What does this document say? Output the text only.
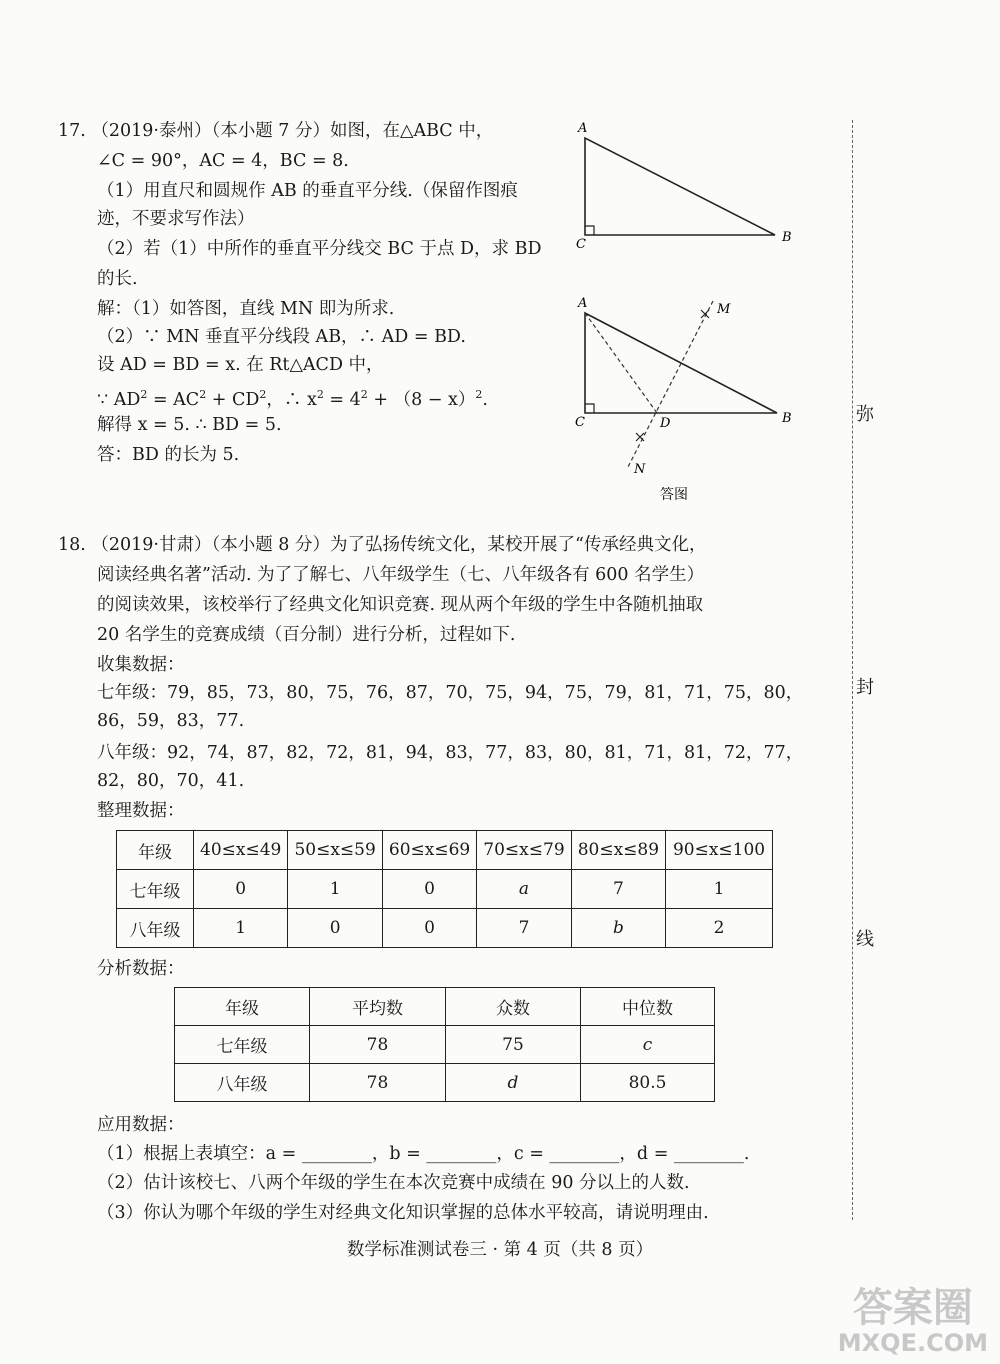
17. （2019·泰州）（本小题 7 分）如图，在△ABC 中，
∠C = 90°，AC = 4，BC = 8.
（1）用直尺和圆规作 AB 的垂直平分线.（保留作图痕
迹，不要求写作法）
（2）若（1）中所作的垂直平分线交 BC 于点 D，求 BD
的长.
解：（1）如答图，直线 MN 即为所求.
（2）∵ MN 垂直平分线段 AB，∴ AD = BD.
设 AD = BD = x. 在 Rt△ACD 中，
∵ $AD^2 = AC^2 + CD^2$，∴ $x^2 = 4^2 + (8 - x)^2$.
解得 x = 5. ∴ BD = 5.
答：BD 的长为 5.
A
C	B
A
C	B
D
M
N
答图
18. （2019·甘肃）（本小题 8 分）为了弘扬传统文化，某校开展了“传承经典文化，
阅读经典名著”活动. 为了了解七、八年级学生（七、八年级各有 600 名学生）
的阅读效果，该校举行了经典文化知识竞赛. 现从两个年级的学生中各随机抽取
20 名学生的竞赛成绩（百分制）进行分析，过程如下.
收集数据：
七年级：79，85，73，80，75，76，87，70，75，94，75，79，81，71，75，80，
86，59，83，77.
八年级：92，74，87，82，72，81，94，83，77，83，80，81，71，81，72，77，
82，80，70，41.
整理数据：
年级	40≤x≤49	50≤x≤59	60≤x≤69	70≤x≤79	80≤x≤89	90≤x≤100
七年级	0	1	0	a	7	1
八年级	1	0	0	7	b	2
分析数据：
年级	平均数	众数	中位数
七年级	78	75	c
八年级	78	d	80.5
应用数据：
（1）根据上表填空：a = ________，b = ________，c = ________，d = ________.
（2）估计该校七、八两个年级的学生在本次竞赛中成绩在 90 分以上的人数.
（3）你认为哪个年级的学生对经典文化知识掌握的总体水平较高，请说明理由.
弥
封
线
数学标准测试卷三 · 第 4 页（共 8 页）
答案圈
MXQE.COM
